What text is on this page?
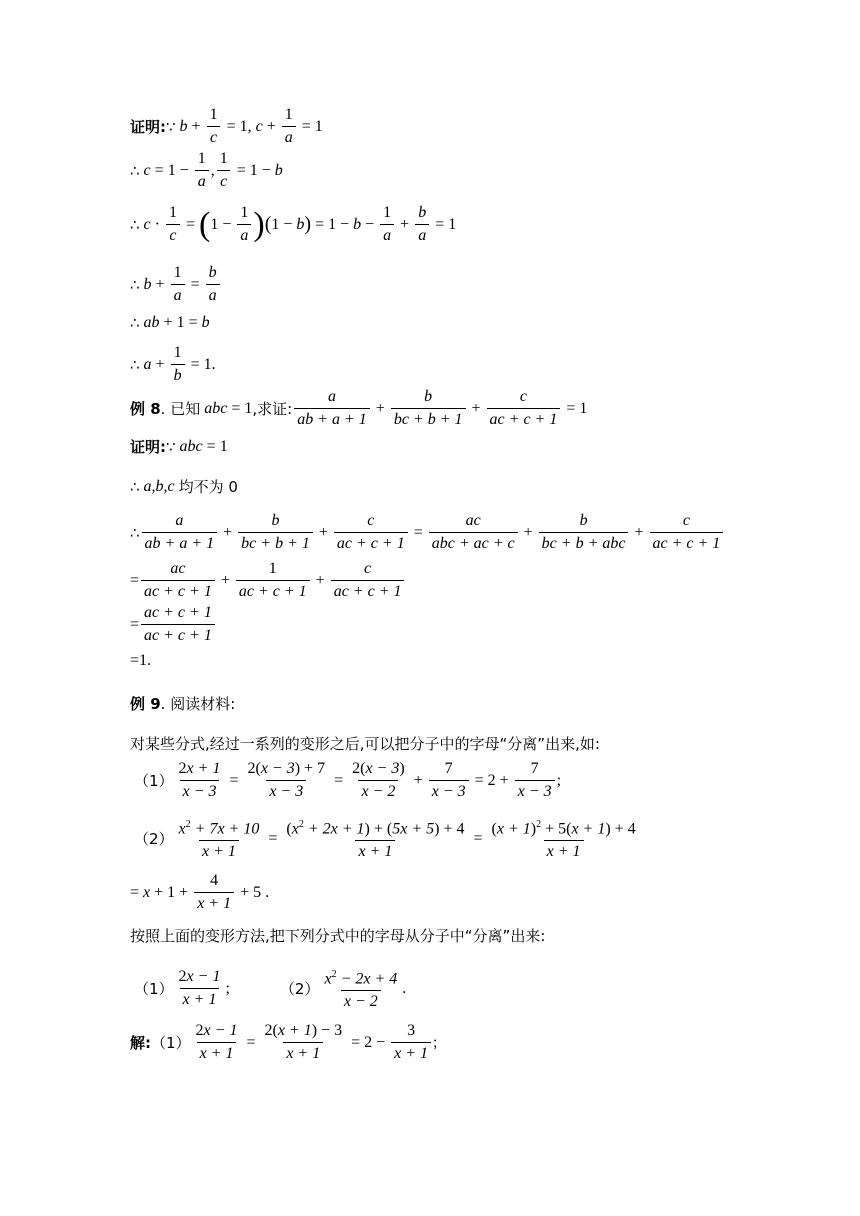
证明: ∵ $b + \frac{1}{c} = 1$ , $c + \frac{1}{a} = 1$
∴ $c = 1 - \frac{1}{a}$ , $\frac{1}{c} = 1 - b$
∴ $c \cdot \frac{1}{c}$ = ( $1 - \frac{1}{a}$ ) ( 1 − b ) = $1 - b - \frac{1}{a} + \frac{b}{a} = 1$
∴ $b + \frac{1}{a} = \frac{b}{a}$
∴ ab + 1 = b
∴ $a + \frac{1}{b} = 1$.
例 8 . 已知 abc = 1 ,求证: $\frac{a}{ab + a + 1} + \frac{b}{bc + b + 1} + \frac{c}{ac + c + 1} = 1$
证明: ∵ abc = 1
∴ a,b,c 均不为 0
∴ $\frac{a}{ab + a + 1} + \frac{b}{bc + b + 1} + \frac{c}{ac + c + 1} = \frac{ac}{\text{abc + ac + c}} + \frac{b}{\text{bc + b + abc}} + \frac{c}{ac + c + 1}$
= $\frac{ac}{ac + c + 1} + \frac{1}{ac + c + 1} + \frac{c}{ac + c + 1}$
= $\frac{ac + c + 1}{ac + c + 1}$
=1.
例 9 . 阅读材料:
对某些分式,经过一系列的变形之后,可以把分子中的字母“分离”出来,如:
$(1) \frac{2x + 1}{x - 3} = \frac{2(x - 3) + 7}{x - 3} = \frac{2(x - 3)}{x - 2} + \frac{7}{x - 3} = 2 + \frac{7}{x - 3}$ ;
$(2) \frac{x^2 + 7x + 10}{x + 1} = \frac{(x^2 + 2x + 1) + (5x + 5) + 4}{x + 1} = \frac{(x + 1)^2 + 5(x + 1) + 4}{x + 1}$
= $x + 1 + \frac{4}{x + 1} + 5$ .
按照上面的变形方法,把下列分式中的字母从分子中“分离”出来:
$(1) \frac{2x - 1}{x + 1}$ ;	$(2) \frac{x^2 - 2x + 4}{x - 2}$ .
解: $(1) \frac{2x - 1}{x + 1} = \frac{2(x + 1) - 3}{x + 1} = 2 - \frac{3}{x + 1}$ ;
